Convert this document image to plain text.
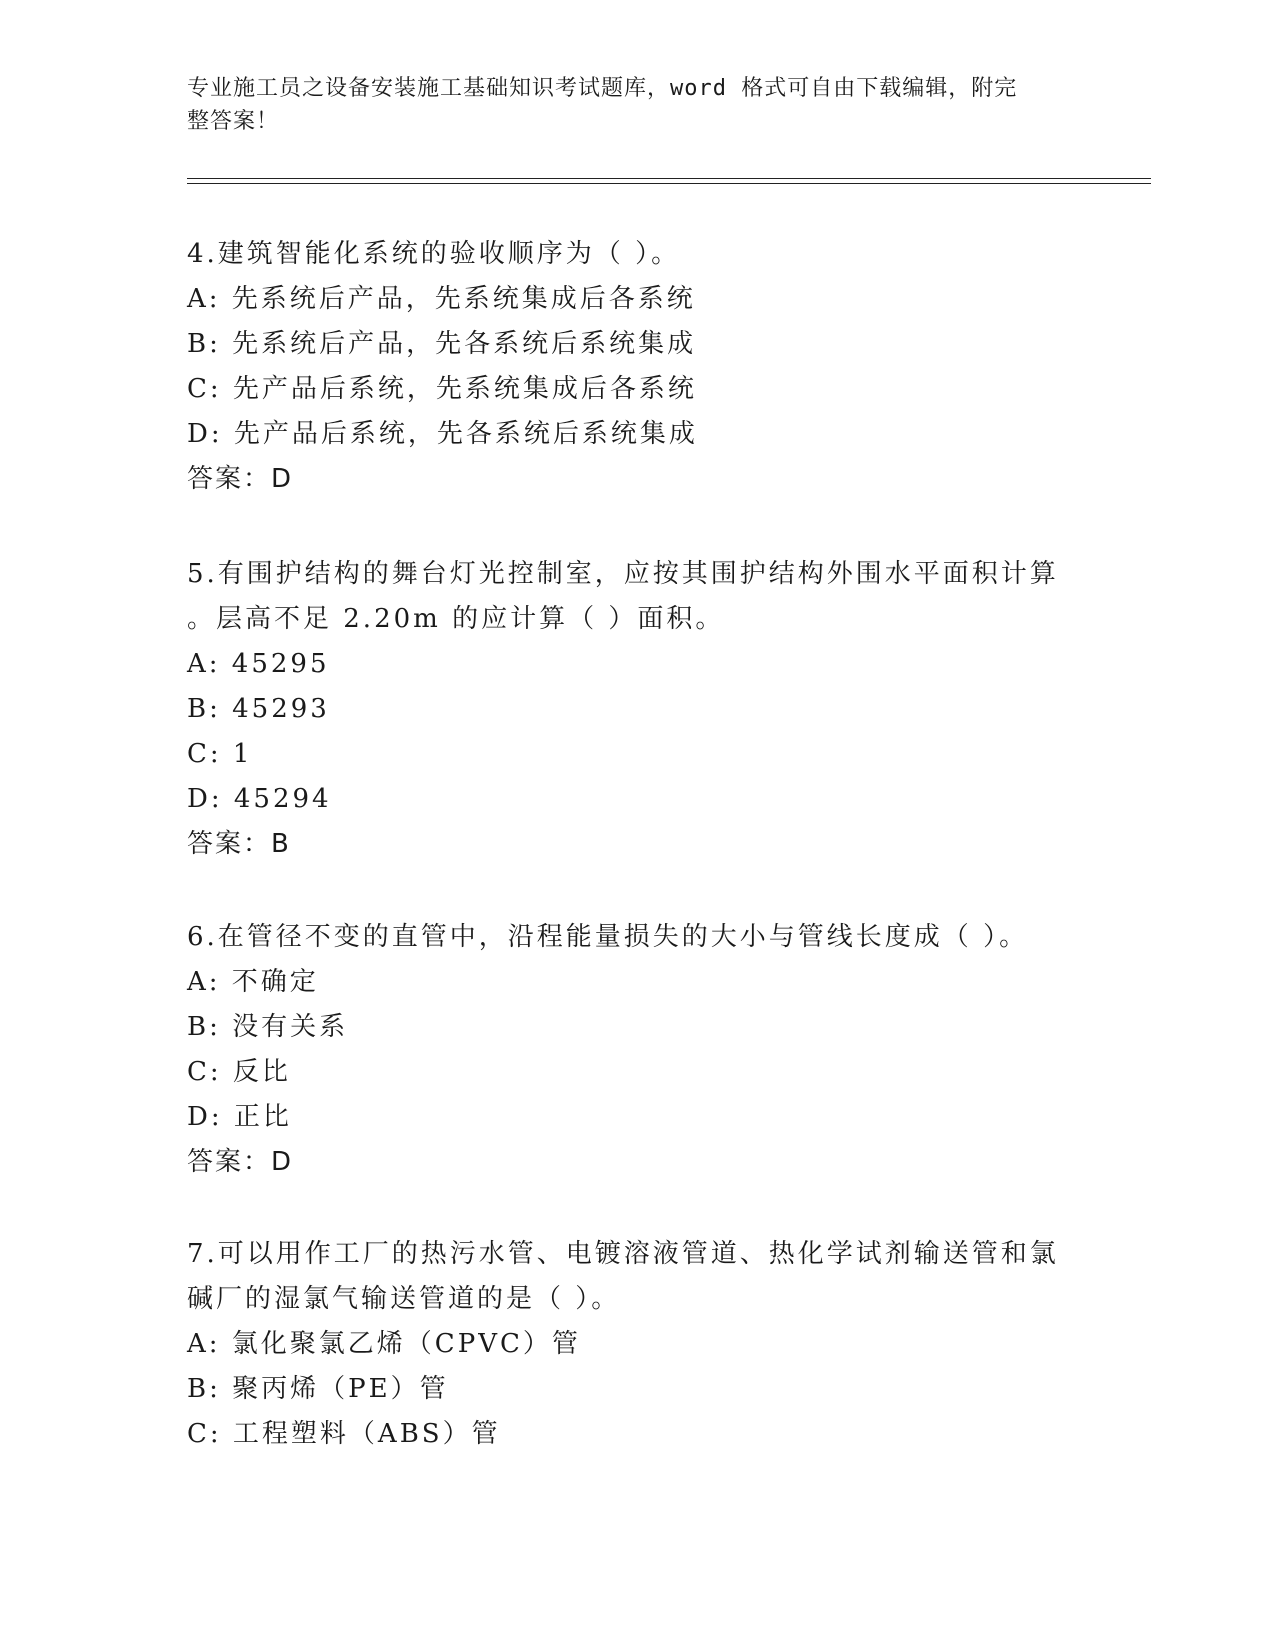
专业施工员之设备安装施工基础知识考试题库，word 格式可自由下载编辑，附完
整答案！
4.建筑智能化系统的验收顺序为（ ）。
A: 先系统后产品，先系统集成后各系统
B: 先系统后产品，先各系统后系统集成
C: 先产品后系统，先系统集成后各系统
D: 先产品后系统，先各系统后系统集成
答案：D
5.有围护结构的舞台灯光控制室，应按其围护结构外围水平面积计算
。层高不足 2.20m 的应计算（ ）面积。
A: 45295
B: 45293
C: 1
D: 45294
答案：B
6.在管径不变的直管中，沿程能量损失的大小与管线长度成（ ）。
A: 不确定
B: 没有关系
C: 反比
D: 正比
答案：D
7.可以用作工厂的热污水管、电镀溶液管道、热化学试剂输送管和氯
碱厂的湿氯气输送管道的是（ ）。
A: 氯化聚氯乙烯（CPVC）管
B: 聚丙烯（PE）管
C: 工程塑料（ABS）管
